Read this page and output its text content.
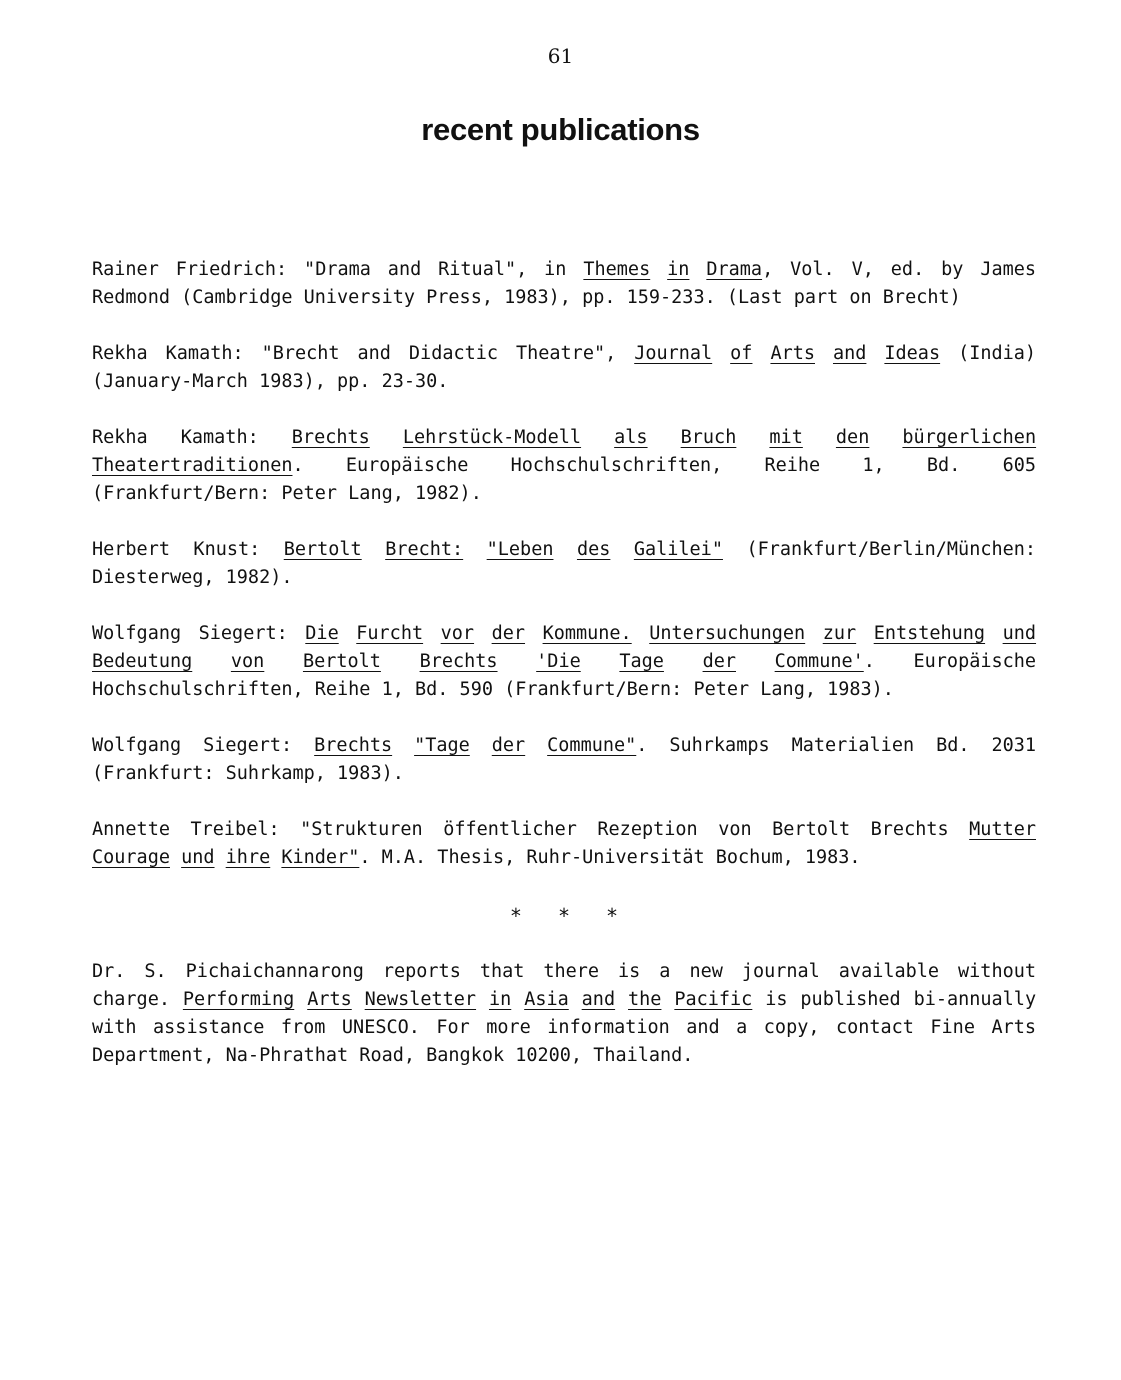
61
recent publications

Rainer Friedrich: "Drama and Ritual", in Themes in Drama, Vol. V, ed. by James Redmond (Cambridge University Press, 1983), pp. 159-233. (Last part on Brecht)

Rekha Kamath: "Brecht and Didactic Theatre", Journal of Arts and Ideas (India) (January-March 1983), pp. 23-30.

Rekha Kamath: Brechts Lehrstück-Modell als Bruch mit den bürgerlichen Theatertraditionen. Europäische Hochschulschriften, Reihe 1, Bd. 605 (Frankfurt/Bern: Peter Lang, 1982).

Herbert Knust: Bertolt Brecht: "Leben des Galilei" (Frankfurt/Berlin/München: Diesterweg, 1982).

Wolfgang Siegert: Die Furcht vor der Kommune. Untersuchungen zur Entstehung und Bedeutung von Bertolt Brechts 'Die Tage der Commune'. Europäische Hochschulschriften, Reihe 1, Bd. 590 (Frankfurt/Bern: Peter Lang, 1983).

Wolfgang Siegert: Brechts "Tage der Commune". Suhrkamps Materialien Bd. 2031 (Frankfurt: Suhrkamp, 1983).

Annette Treibel: "Strukturen öffentlicher Rezeption von Bertolt Brechts Mutter Courage und ihre Kinder". M.A. Thesis, Ruhr-Universität Bochum, 1983.

* * *

Dr. S. Pichaichannarong reports that there is a new journal available without charge. Performing Arts Newsletter in Asia and the Pacific is published bi-annually with assistance from UNESCO. For more information and a copy, contact Fine Arts Department, Na-Phrathat Road, Bangkok 10200, Thailand.
